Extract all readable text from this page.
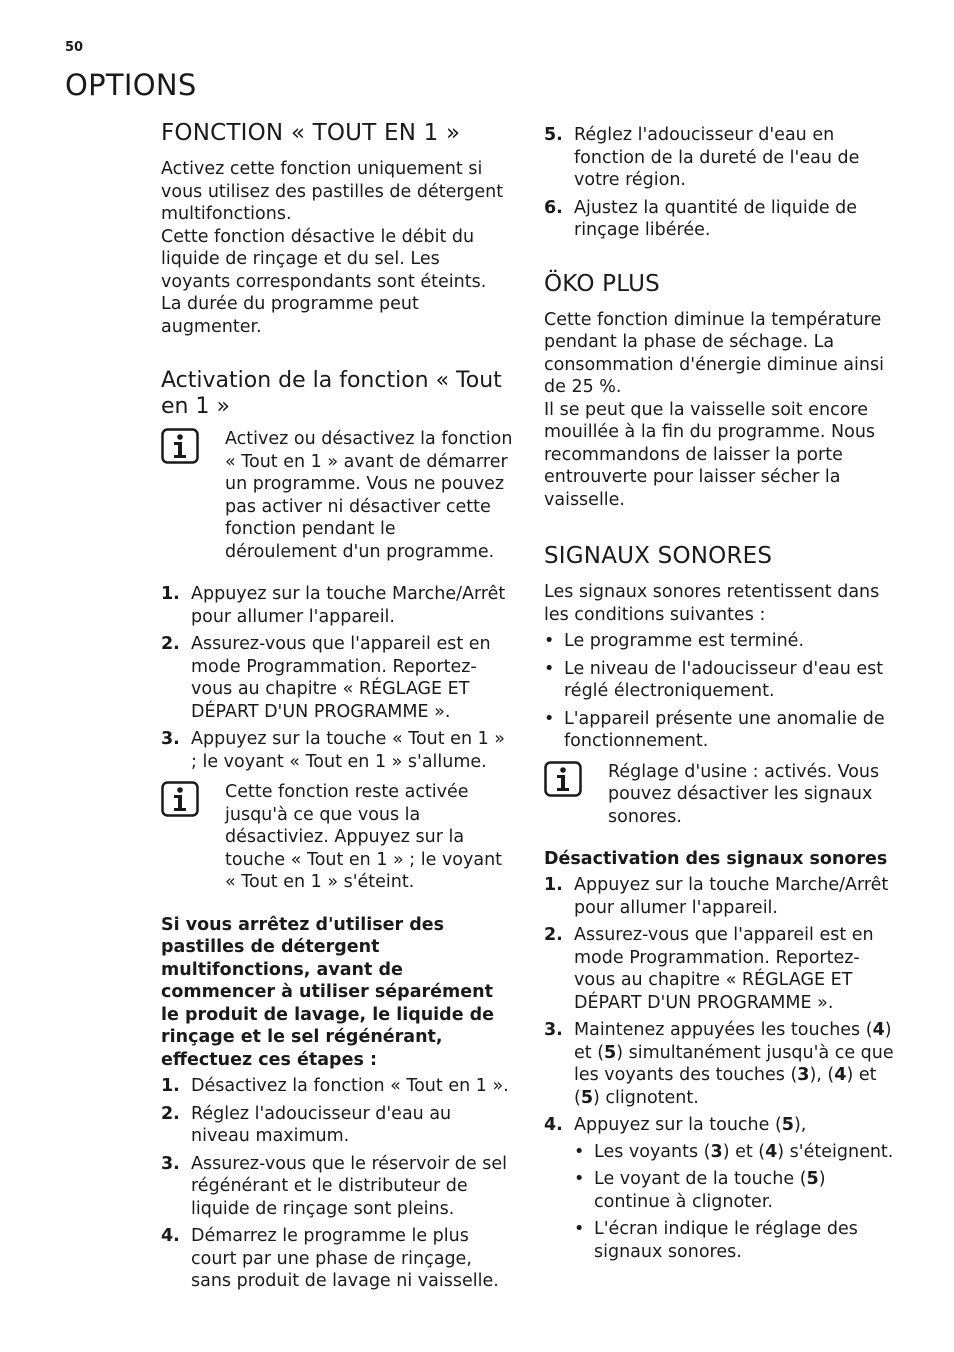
50
OPTIONS
FONCTION « TOUT EN 1 »

Activez cette fonction uniquement si vous utilisez des pastilles de détergent multifonctions.

Cette fonction désactive le débit du liquide de rinçage et du sel. Les voyants correspondants sont éteints.

La durée du programme peut augmenter.

Activation de la fonction « Tout en 1 »
Activez ou désactivez la fonction « Tout en 1 » avant de démarrer un programme. Vous ne pouvez pas activer ni désactiver cette fonction pendant le déroulement d'un programme.
1. Appuyez sur la touche Marche/Arrêt pour allumer l'appareil.
2. Assurez-vous que l'appareil est en mode Programmation. Reportez-vous au chapitre « RÉGLAGE ET DÉPART D'UN PROGRAMME ».
3. Appuyez sur la touche « Tout en 1 » ; le voyant « Tout en 1 » s'allume.
Cette fonction reste activée jusqu'à ce que vous la désactiviez. Appuyez sur la touche « Tout en 1 » ; le voyant « Tout en 1 » s'éteint.

Si vous arrêtez d'utiliser des pastilles de détergent multifonctions, avant de commencer à utiliser séparément le produit de lavage, le liquide de rinçage et le sel régénérant, effectuez ces étapes :

1. Désactivez la fonction « Tout en 1 ».
2. Réglez l'adoucisseur d'eau au niveau maximum.
3. Assurez-vous que le réservoir de sel régénérant et le distributeur de liquide de rinçage sont pleins.
4. Démarrez le programme le plus court par une phase de rinçage, sans produit de lavage ni vaisselle.
5. Réglez l'adoucisseur d'eau en fonction de la dureté de l'eau de votre région.
6. Ajustez la quantité de liquide de rinçage libérée.
ÖKO PLUS

Cette fonction diminue la température pendant la phase de séchage. La consommation d'énergie diminue ainsi de 25 %.

Il se peut que la vaisselle soit encore mouillée à la fin du programme. Nous recommandons de laisser la porte entrouverte pour laisser sécher la vaisselle.

SIGNAUX SONORES

Les signaux sonores retentissent dans les conditions suivantes :

• Le programme est terminé.
• Le niveau de l'adoucisseur d'eau est réglé électroniquement.
• L'appareil présente une anomalie de fonctionnement.
Réglage d'usine : activés. Vous pouvez désactiver les signaux sonores.
Désactivation des signaux sonores
1. Appuyez sur la touche Marche/Arrêt pour allumer l'appareil.
2. Assurez-vous que l'appareil est en mode Programmation. Reportez-vous au chapitre « RÉGLAGE ET DÉPART D'UN PROGRAMME ».
3. Maintenez appuyées les touches (4) et (5) simultanément jusqu'à ce que les voyants des touches (3), (4) et (5) clignotent.
4. Appuyez sur la touche (5),
• Les voyants (3) et (4) s'éteignent.
• Le voyant de la touche (5) continue à clignoter.
• L'écran indique le réglage des signaux sonores.
